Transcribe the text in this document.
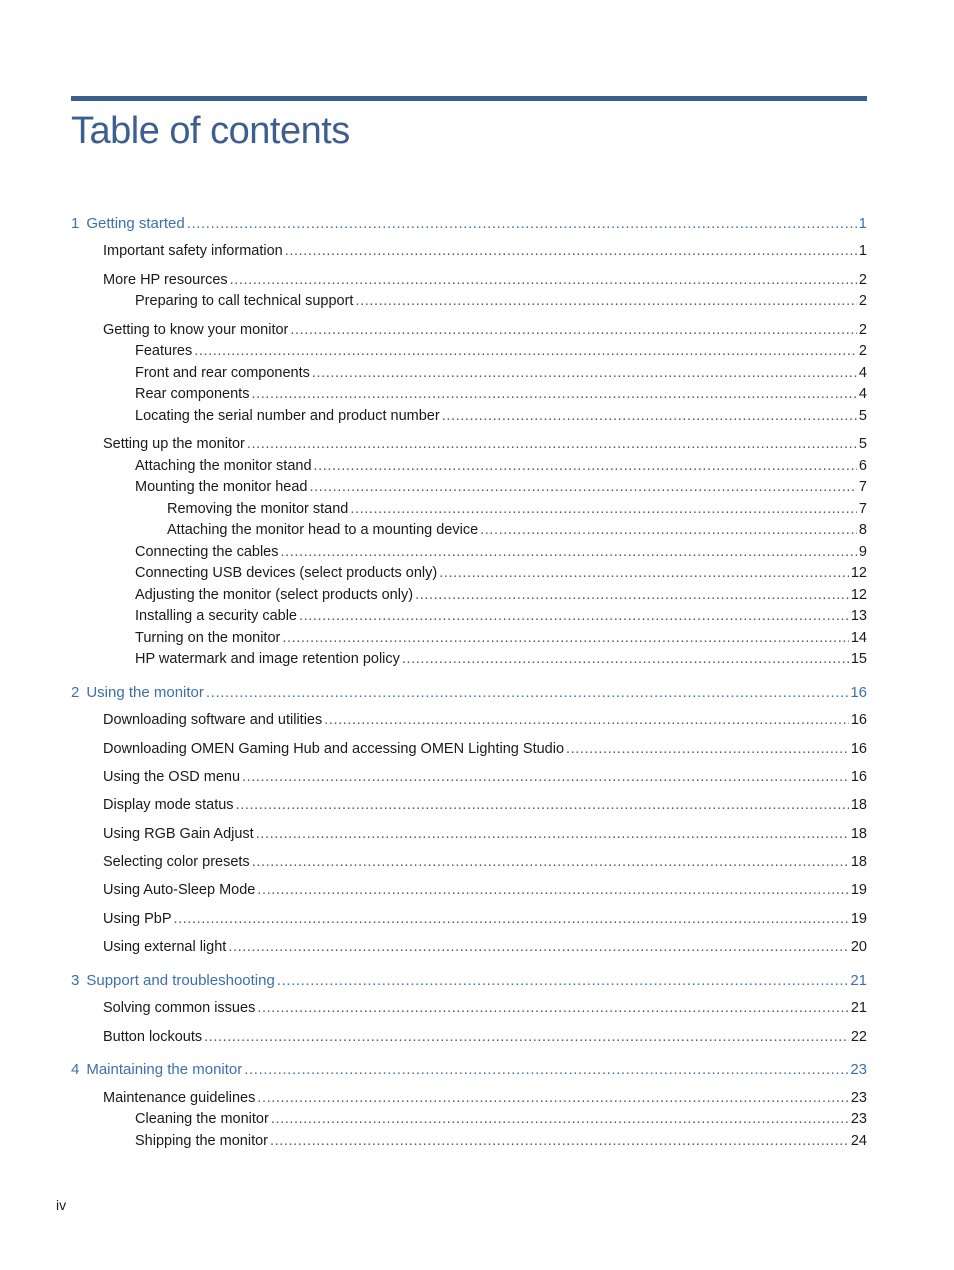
Table of contents
1 Getting started .....	1
Important safety information .....	1
More HP resources .....	2
Preparing to call technical support .....	2
Getting to know your monitor .....	2
Features .....	2
Front and rear components .....	4
Rear components .....	4
Locating the serial number and product number .....	5
Setting up the monitor .....	5
Attaching the monitor stand .....	6
Mounting the monitor head .....	7
Removing the monitor stand .....	7
Attaching the monitor head to a mounting device .....	8
Connecting the cables .....	9
Connecting USB devices (select products only) .....	12
Adjusting the monitor (select products only) .....	12
Installing a security cable .....	13
Turning on the monitor .....	14
HP watermark and image retention policy .....	15
2 Using the monitor .....	16
Downloading software and utilities .....	16
Downloading OMEN Gaming Hub and accessing OMEN Lighting Studio .....	16
Using the OSD menu .....	16
Display mode status .....	18
Using RGB Gain Adjust .....	18
Selecting color presets .....	18
Using Auto-Sleep Mode .....	19
Using PbP .....	19
Using external light .....	20
3 Support and troubleshooting .....	21
Solving common issues .....	21
Button lockouts .....	22
4 Maintaining the monitor .....	23
Maintenance guidelines .....	23
Cleaning the monitor .....	23
Shipping the monitor .....	24
iv
